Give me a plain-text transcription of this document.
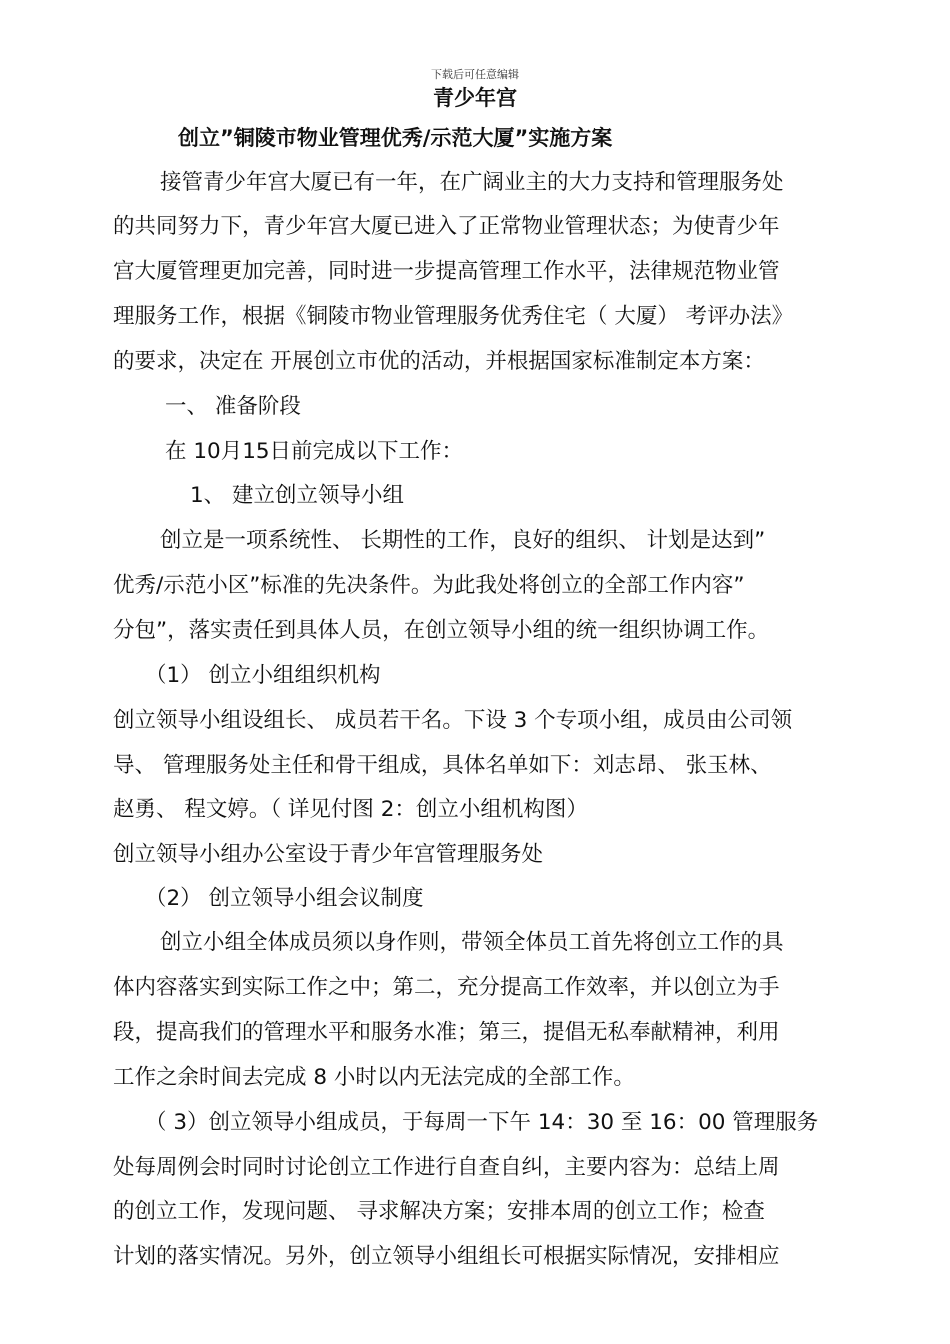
下载后可任意编辑
青少年宫
创立”铜陵市物业管理优秀/示范大厦”实施方案
接管青少年宫大厦已有一年，在广阔业主的大力支持和管理服务处
的共同努力下，青少年宫大厦已进入了正常物业管理状态；为使青少年
宫大厦管理更加完善，同时进一步提高管理工作水平，法律规范物业管
理服务工作，根据《铜陵市物业管理服务优秀住宅（ 大厦） 考评办法》
的要求，决定在 开展创立市优的活动，并根据国家标准制定本方案：
一、 准备阶段
在 10月15日前完成以下工作：
1、 建立创立领导小组
创立是一项系统性、 长期性的工作，良好的组织、 计划是达到”
优秀/示范小区”标准的先决条件。为此我处将创立的全部工作内容”
分包”，落实责任到具体人员，在创立领导小组的统一组织协调工作。
（1） 创立小组组织机构
创立领导小组设组长、 成员若干名。下设 3 个专项小组，成员由公司领
导、 管理服务处主任和骨干组成，具体名单如下：刘志昂、 张玉林、
赵勇、 程文婷。（ 详见付图 2：创立小组机构图）
创立领导小组办公室设于青少年宫管理服务处
（2） 创立领导小组会议制度
创立小组全体成员须以身作则，带领全体员工首先将创立工作的具
体内容落实到实际工作之中；第二，充分提高工作效率，并以创立为手
段，提高我们的管理水平和服务水准；第三，提倡无私奉献精神，利用
工作之余时间去完成 8 小时以内无法完成的全部工作。
（ 3）创立领导小组成员，于每周一下午 14：30 至 16：00 管理服务
处每周例会时同时讨论创立工作进行自查自纠，主要内容为：总结上周
的创立工作，发现问题、 寻求解决方案；安排本周的创立工作；检查
计划的落实情况。另外，创立领导小组组长可根据实际情况，安排相应
